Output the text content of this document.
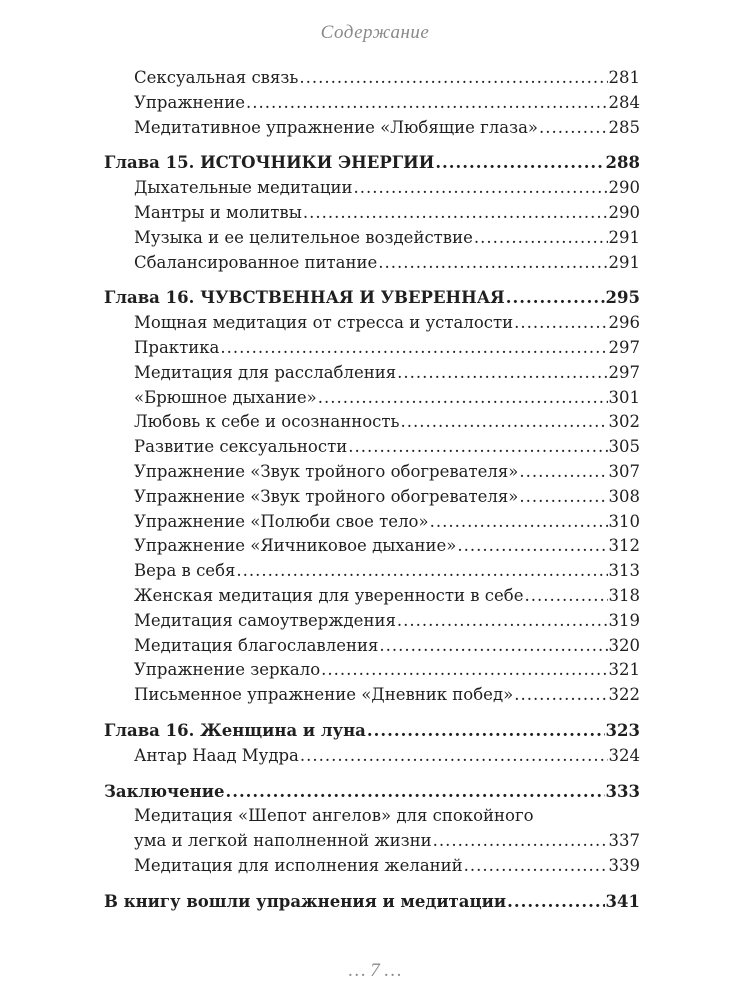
Содержание
Сексуальная связь .....	281
Упражнение .....	284
Медитативное упражнение «Любящие глаза» .....	285
Глава 15. ИСТОЧНИКИ ЭНЕРГИИ .....	288
Дыхательные медитации .....	290
Мантры и молитвы .....	290
Музыка и ее целительное воздействие .....	291
Сбалансированное питание .....	291
Глава 16. ЧУВСТВЕННАЯ И УВЕРЕННАЯ .....	295
Мощная медитация от стресса и усталости .....	296
Практика .....	297
Медитация для расслабления .....	297
«Брюшное дыхание» .....	301
Любовь к себе и осознанность .....	302
Развитие сексуальности .....	305
Упражнение «Звук тройного обогревателя» .....	307
Упражнение «Звук тройного обогревателя» .....	308
Упражнение «Полюби свое тело» .....	310
Упражнение «Яичниковое дыхание» .....	312
Вера в себя .....	313
Женская медитация для уверенности в себе .....	318
Медитация самоутверждения .....	319
Медитация благославления .....	320
Упражнение зеркало .....	321
Письменное упражнение «Дневник побед» .....	322
Глава 16. Женщина и луна .....	323
Антар Наад Мудра .....	324
Заключение .....	333
Медитация «Шепот ангелов» для спокойного
ума и легкой наполненной жизни .....	337
Медитация для исполнения желаний .....	339
В книгу вошли упражнения и медитации .....	341
… 7 …
